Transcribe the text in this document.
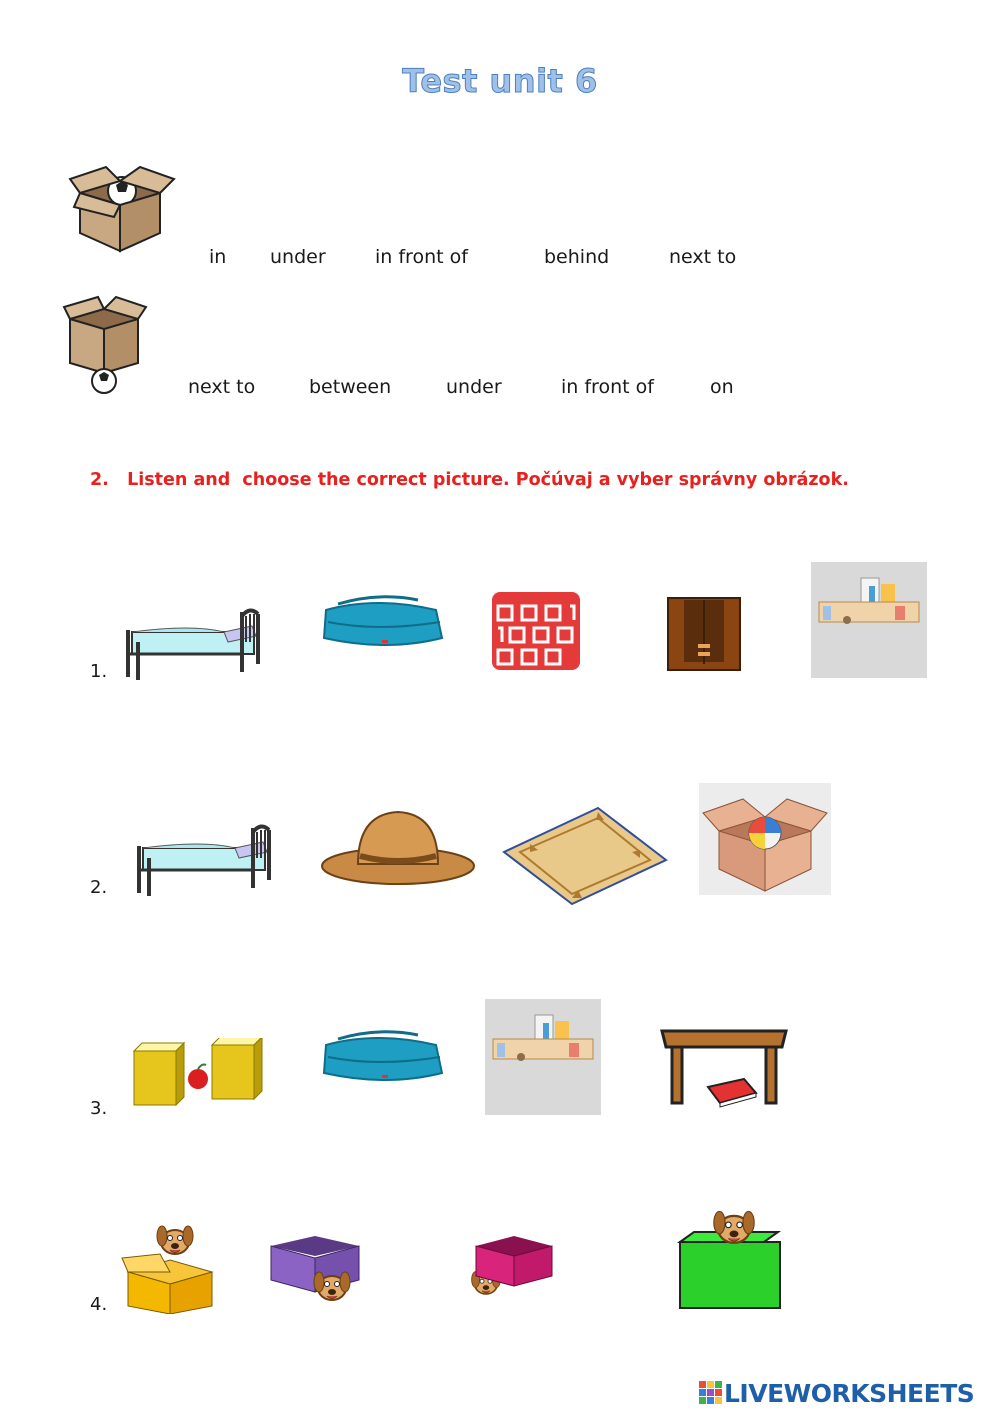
Test unit 6
in under	in front of	behind	next to
next to	between	under	in front of	on
2.   Listen and  choose the correct picture. Počúvaj a vyber správny obrázok.
1.
2.
3.
4.
LIVEWORKSHEETS
